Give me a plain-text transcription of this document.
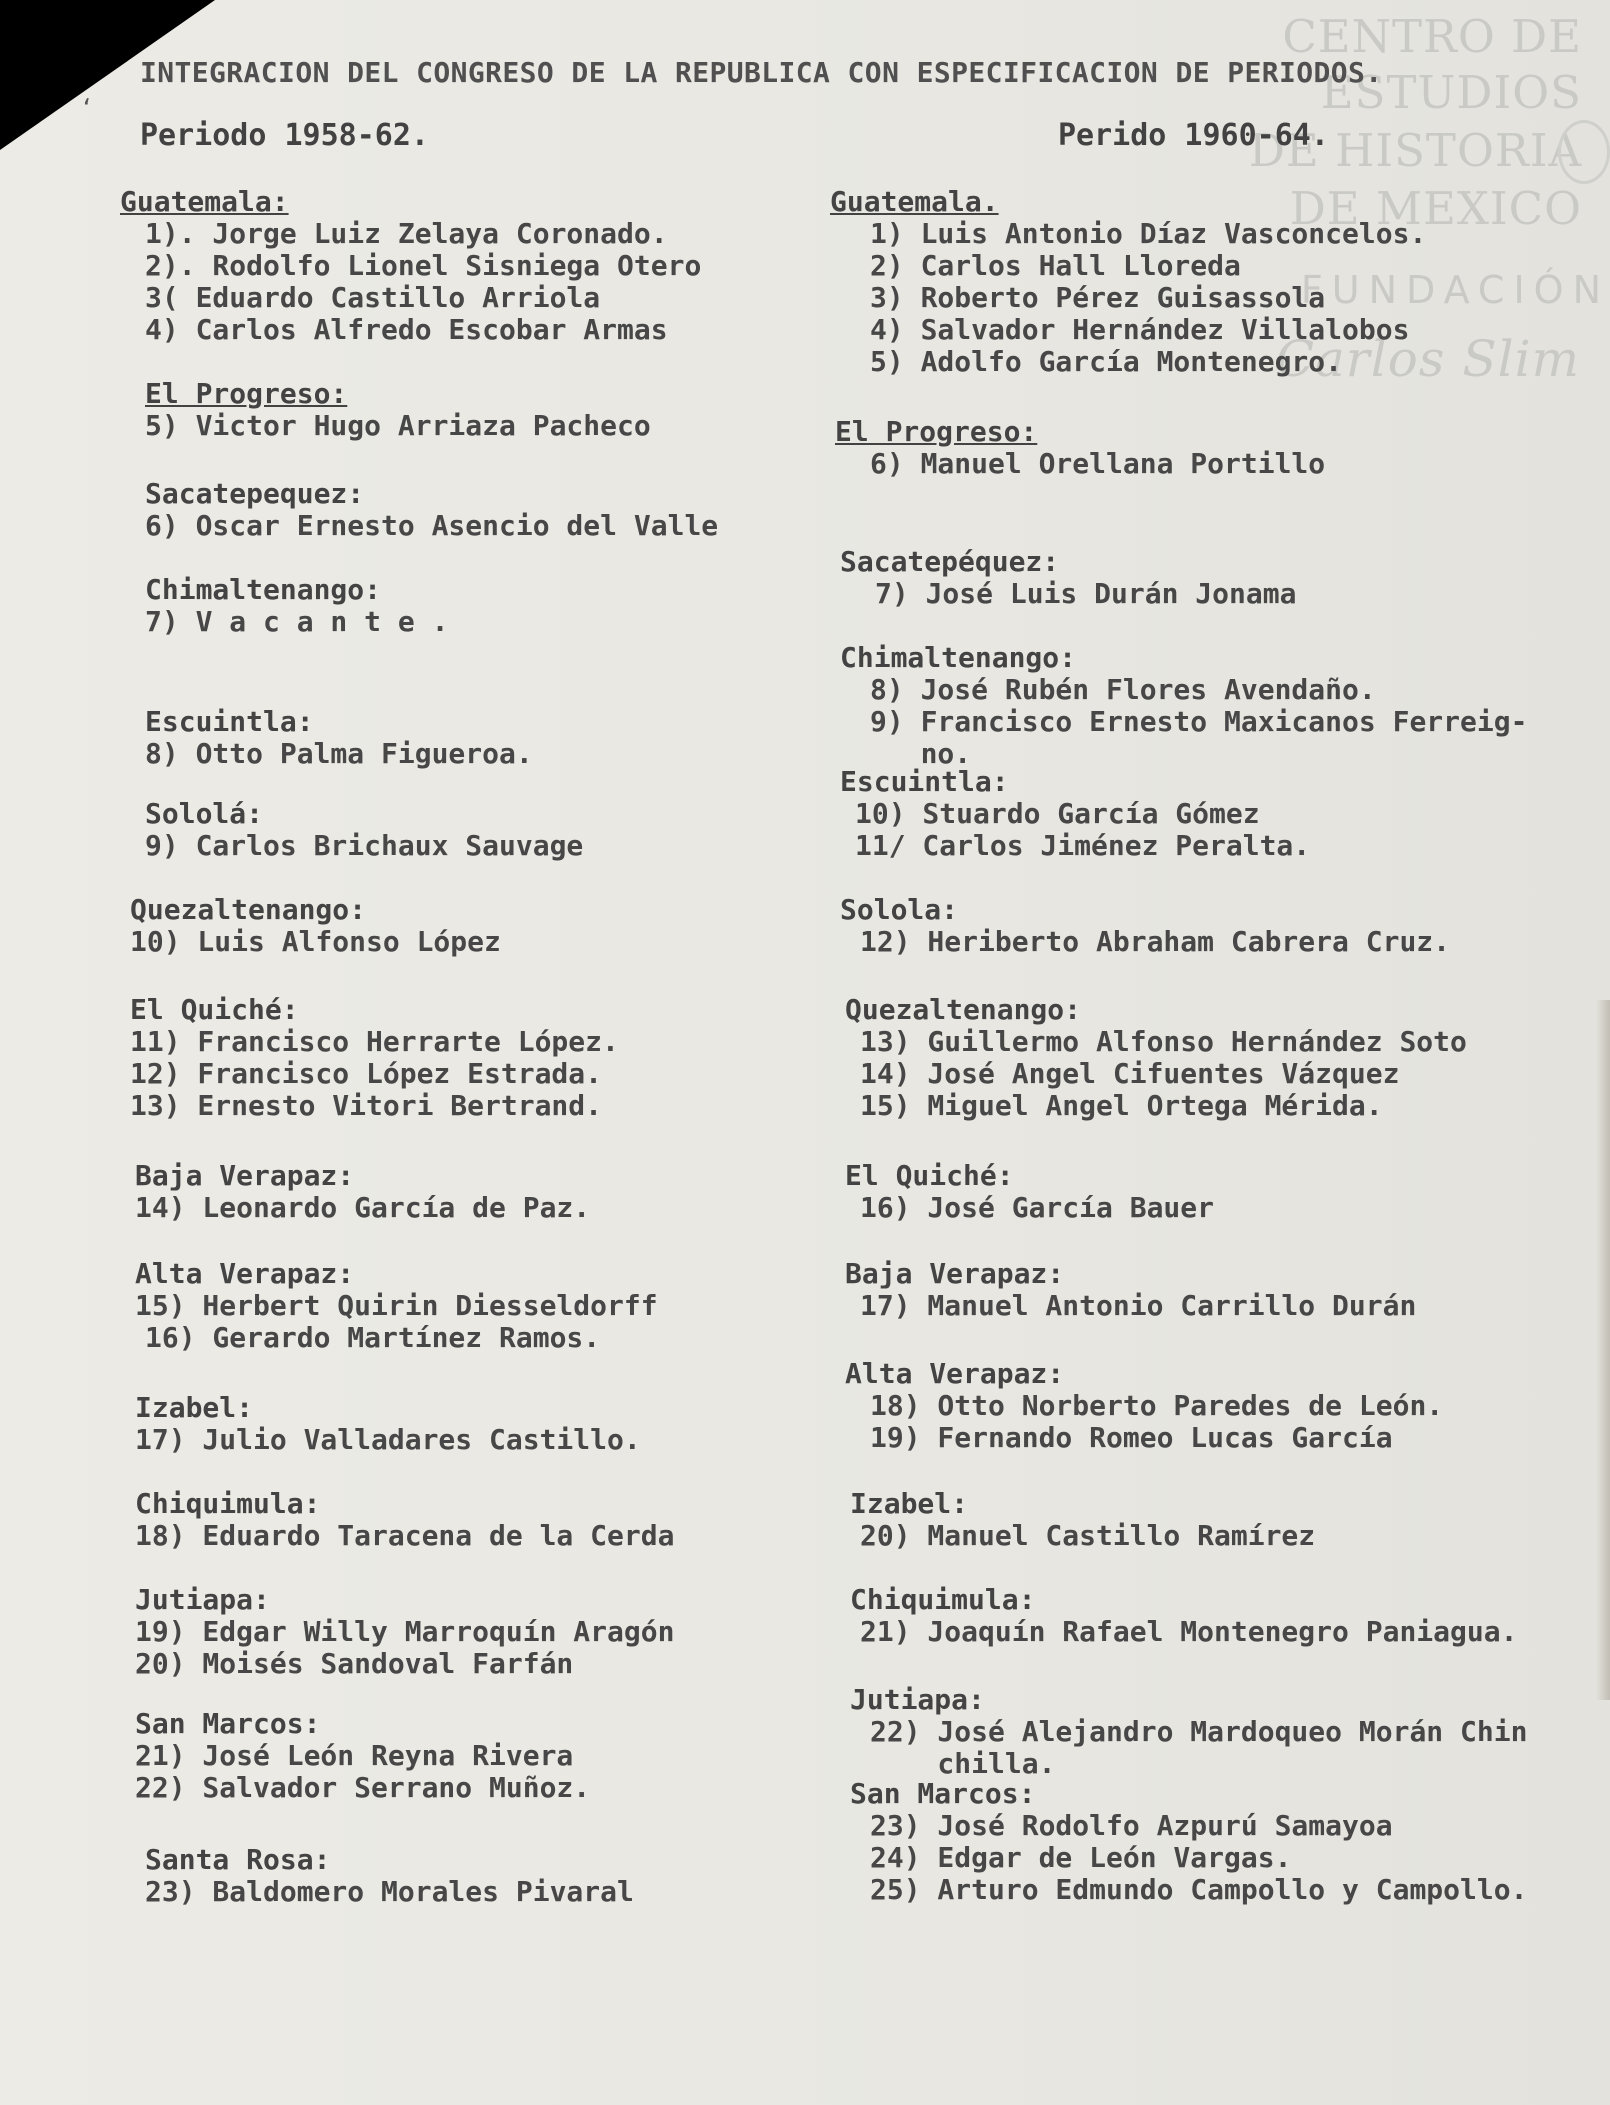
CENTRO DE
ESTUDIOS
DE HISTORIA
DE MEXICO
FUNDACIÓN
Carlos Slim
ʻ
INTEGRACION DEL CONGRESO DE LA REPUBLICA CON ESPECIFICACION DE PERIODOS.
Periodo 1958-62.	Perido 1960-64.
Guatemala:
1). Jorge Luiz Zelaya Coronado.
2). Rodolfo Lionel Sisniega Otero
3( Eduardo Castillo Arriola
4) Carlos Alfredo Escobar Armas
El Progreso:
5) Victor Hugo Arriaza Pacheco
Sacatepequez:
6) Oscar Ernesto Asencio del Valle
Chimaltenango:
7) V a c a n t e .
Escuintla:
8) Otto Palma Figueroa.
Sololá:
9) Carlos Brichaux Sauvage
Quezaltenango:
10) Luis Alfonso López
El Quiché:
11) Francisco Herrarte López.
12) Francisco López Estrada.
13) Ernesto Vitori Bertrand.
Baja Verapaz:
14) Leonardo García de Paz.
Alta Verapaz:
15) Herbert Quirin Diesseldorff
16) Gerardo Martínez Ramos.
Izabel:
17) Julio Valladares Castillo.
Chiquimula:
18) Eduardo Taracena de la Cerda
Jutiapa:
19) Edgar Willy Marroquín Aragón
20) Moisés Sandoval Farfán
San Marcos:
21) José León Reyna Rivera
22) Salvador Serrano Muñoz.
Santa Rosa:
23) Baldomero Morales Pivaral
Guatemala.
1) Luis Antonio Díaz Vasconcelos.
2) Carlos Hall Lloreda
3) Roberto Pérez Guisassola
4) Salvador Hernández Villalobos
5) Adolfo García Montenegro.
El Progreso:
6) Manuel Orellana Portillo
Sacatepéquez:
7) José Luis Durán Jonama
Chimaltenango:
8) José Rubén Flores Avendaño.
9) Francisco Ernesto Maxicanos Ferreig-
no.
Escuintla:
10) Stuardo García Gómez
11/ Carlos Jiménez Peralta.
Solola:
12) Heriberto Abraham Cabrera Cruz.
Quezaltenango:
13) Guillermo Alfonso Hernández Soto
14) José Angel Cifuentes Vázquez
15) Miguel Angel Ortega Mérida.
El Quiché:
16) José García Bauer
Baja Verapaz:
17) Manuel Antonio Carrillo Durán
Alta Verapaz:
18) Otto Norberto Paredes de León.
19) Fernando Romeo Lucas García
Izabel:
20) Manuel Castillo Ramírez
Chiquimula:
21) Joaquín Rafael Montenegro Paniagua.
Jutiapa:
22) José Alejandro Mardoqueo Morán Chin
chilla.
San Marcos:
23) José Rodolfo Azpurú Samayoa
24) Edgar de León Vargas.
25) Arturo Edmundo Campollo y Campollo.
